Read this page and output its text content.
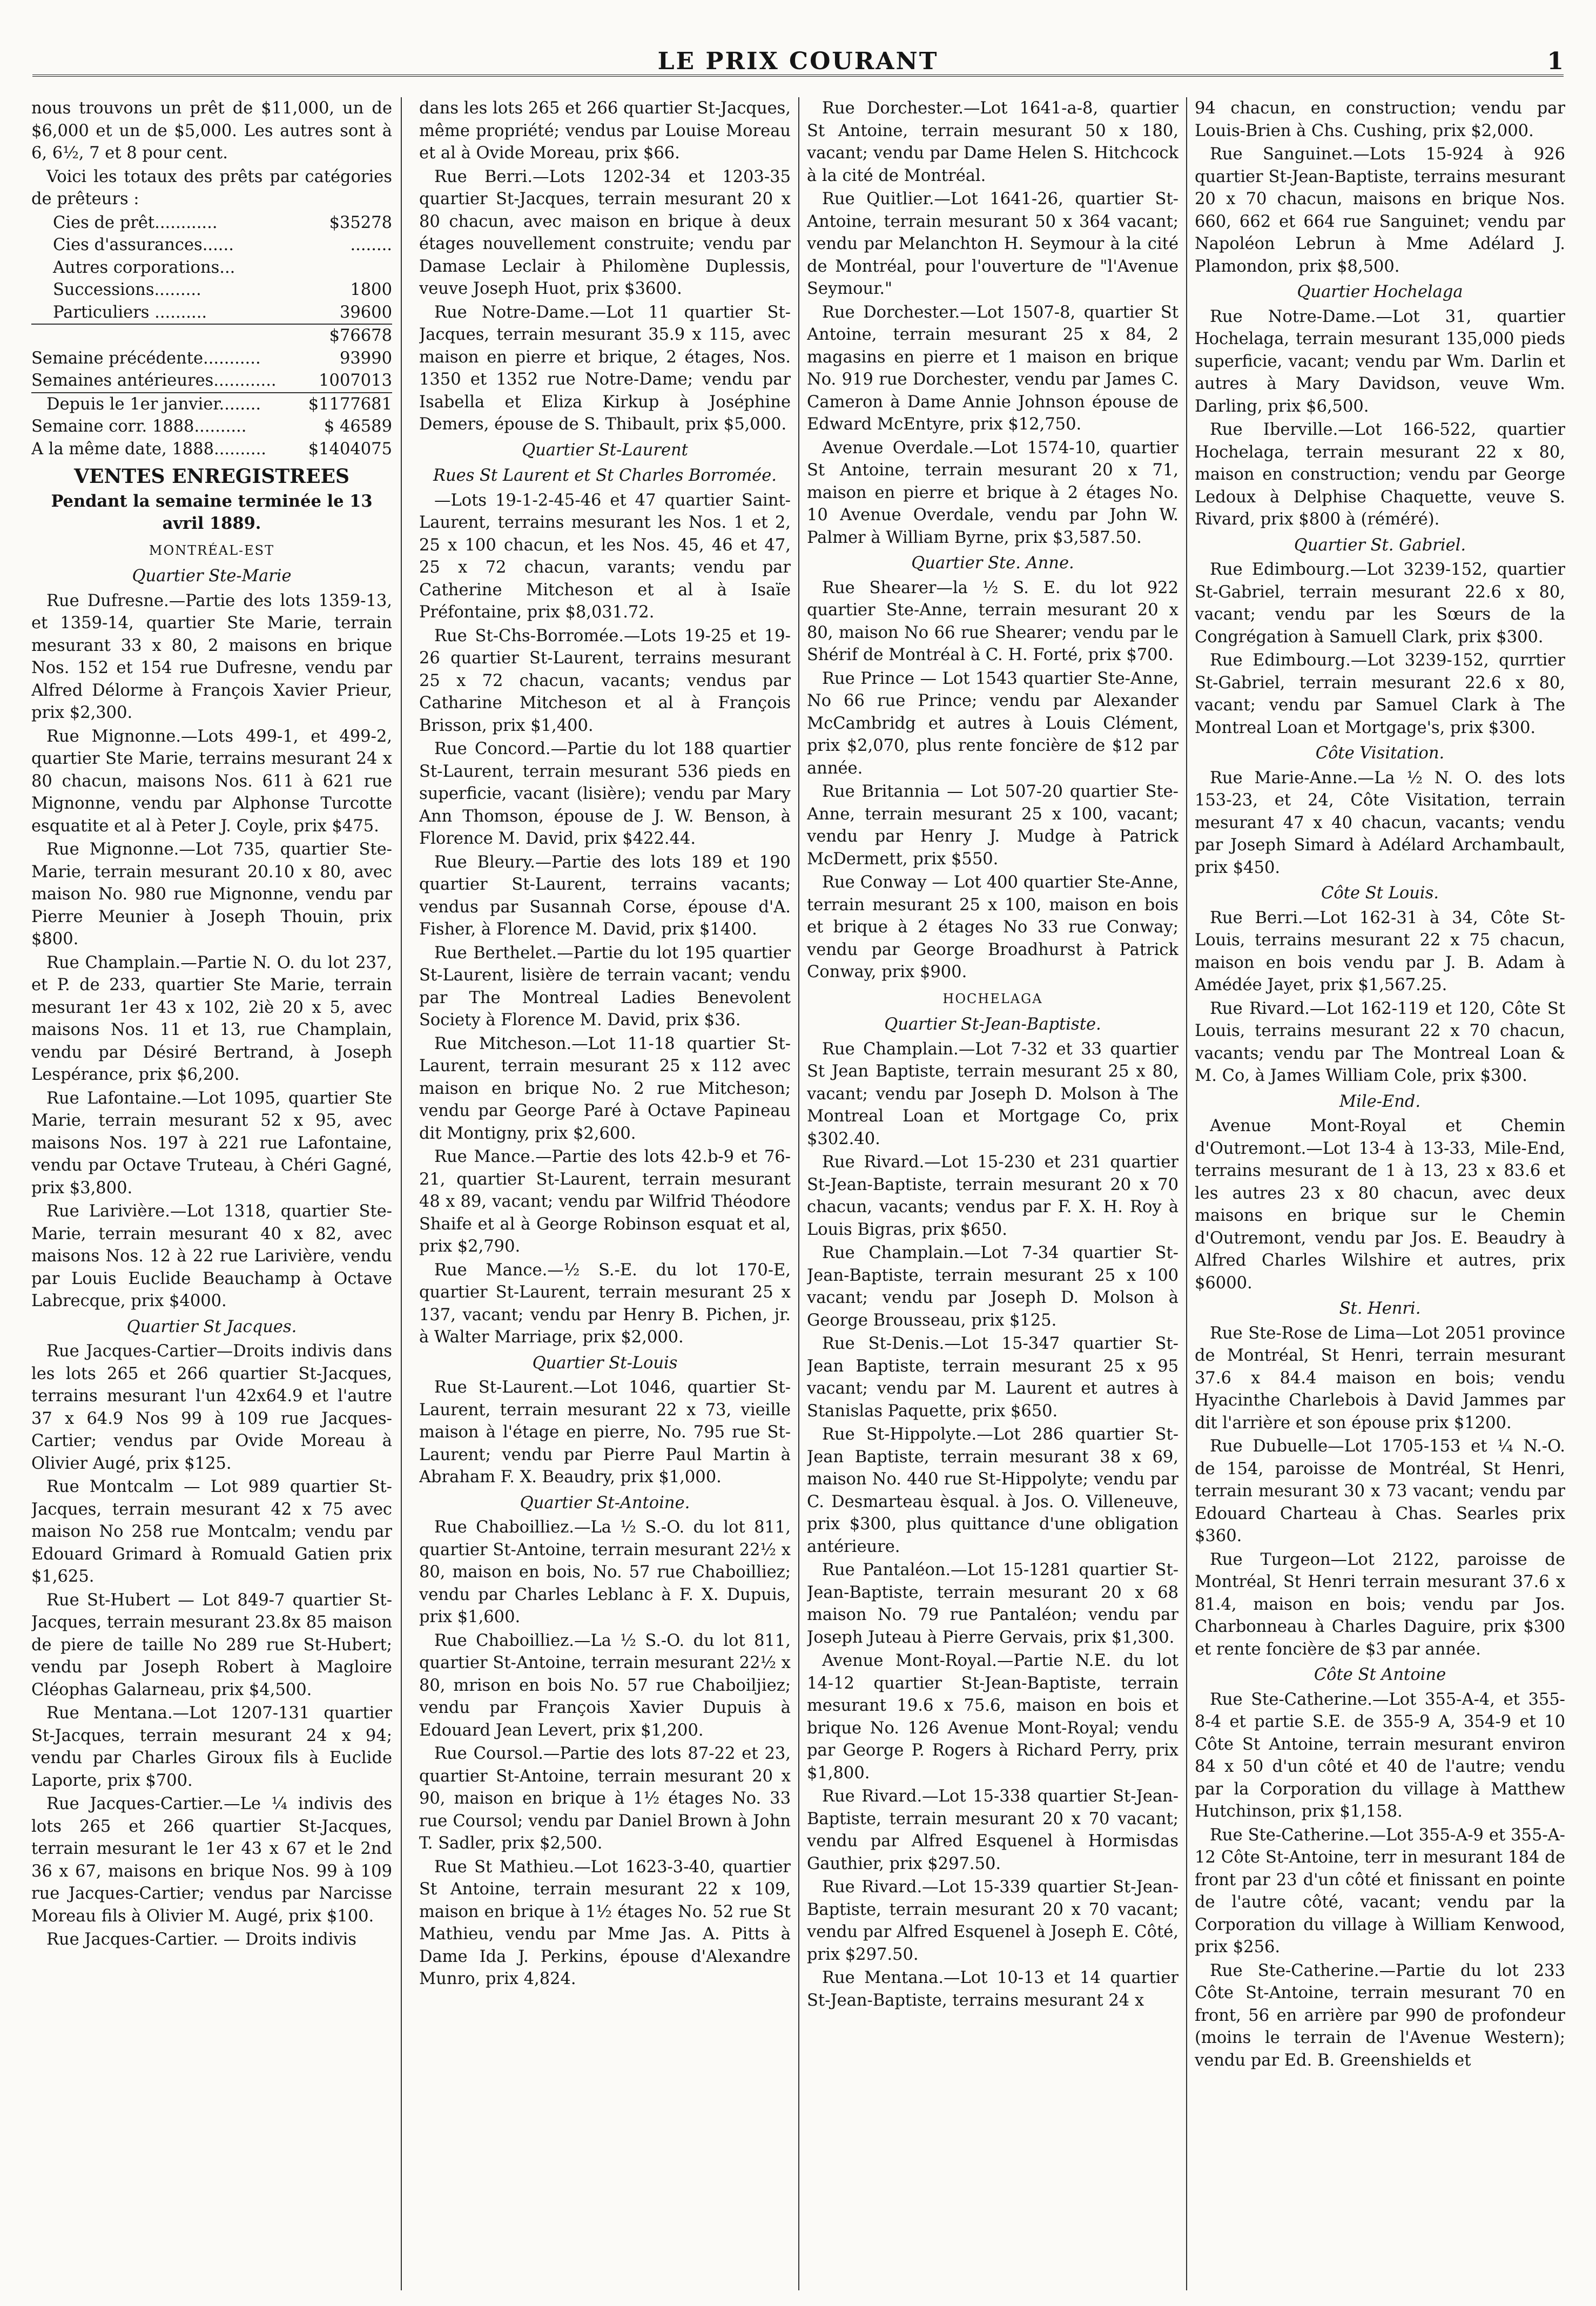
LE PRIX COURANT	1

nous trouvons un prêt de $11,000, un de $6,000 et un de $5,000. Les autres sont à 6, 6½, 7 et 8 pour cent.

Voici les totaux des prêts par catégories de prêteurs :

Cies de prêt............	$35278
Cies d'assurances......	........
Autres corporations...	
Successions.........	1800
Particuliers ..........	39600
	$76678
Semaine précédente...........	93990
Semaines antérieures............	1007013
Depuis le 1er janvier........	$1177681
Semaine corr. 1888..........	$ 46589
A la même date, 1888..........	$1404075

VENTES ENREGISTREES

Pendant la semaine terminée le 13 avril 1889.

MONTRÉAL-EST

Quartier Ste-Marie

Rue Dufresne.—Partie des lots 1359-13, et 1359-14, quartier Ste Marie, terrain mesurant 33 x 80, 2 maisons en brique Nos. 152 et 154 rue Dufresne, vendu par Alfred Délorme à François Xavier Prieur, prix $2,300.

Rue Mignonne.—Lots 499-1, et 499-2, quartier Ste Marie, terrains mesurant 24 x 80 chacun, maisons Nos. 611 à 621 rue Mignonne, vendu par Alphonse Turcotte esquatite et al à Peter J. Coyle, prix $475.

Rue Mignonne.—Lot 735, quartier Ste-Marie, terrain mesurant 20.10 x 80, avec maison No. 980 rue Mignonne, vendu par Pierre Meunier à Joseph Thouin, prix $800.

Rue Champlain.—Partie N. O. du lot 237, et P. de 233, quartier Ste Marie, terrain mesurant 1er 43 x 102, 2iè 20 x 5, avec maisons Nos. 11 et 13, rue Champlain, vendu par Désiré Bertrand, à Joseph Lespérance, prix $6,200.

Rue Lafontaine.—Lot 1095, quartier Ste Marie, terrain mesurant 52 x 95, avec maisons Nos. 197 à 221 rue Lafontaine, vendu par Octave Truteau, à Chéri Gagné, prix $3,800.

Rue Larivière.—Lot 1318, quartier Ste-Marie, terrain mesurant 40 x 82, avec maisons Nos. 12 à 22 rue Larivière, vendu par Louis Euclide Beauchamp à Octave Labrecque, prix $4000.

Quartier St Jacques.

Rue Jacques-Cartier—Droits indivis dans les lots 265 et 266 quartier St-Jacques, terrains mesurant l'un 42x64.9 et l'autre 37 x 64.9 Nos 99 à 109 rue Jacques-Cartier; vendus par Ovide Moreau à Olivier Augé, prix $125.

Rue Montcalm — Lot 989 quartier St-Jacques, terrain mesurant 42 x 75 avec maison No 258 rue Montcalm; vendu par Edouard Grimard à Romuald Gatien prix $1,625.

Rue St-Hubert — Lot 849-7 quartier St-Jacques, terrain mesurant 23.8x 85 maison de piere de taille No 289 rue St-Hubert; vendu par Joseph Robert à Magloire Cléophas Galarneau, prix $4,500.

Rue Mentana.—Lot 1207-131 quartier St-Jacques, terrain mesurant 24 x 94; vendu par Charles Giroux fils à Euclide Laporte, prix $700.

Rue Jacques-Cartier.—Le ¼ indivis des lots 265 et 266 quartier St-Jacques, terrain mesurant le 1er 43 x 67 et le 2nd 36 x 67, maisons en brique Nos. 99 à 109 rue Jacques-Cartier; vendus par Narcisse Moreau fils à Olivier M. Augé, prix $100.

Rue Jacques-Cartier. — Droits indivis

dans les lots 265 et 266 quartier St-Jacques, même propriété; vendus par Louise Moreau et al à Ovide Moreau, prix $66.

Rue Berri.—Lots 1202-34 et 1203-35 quartier St-Jacques, terrain mesurant 20 x 80 chacun, avec maison en brique à deux étages nouvellement construite; vendu par Damase Leclair à Philomène Duplessis, veuve Joseph Huot, prix $3600.

Rue Notre-Dame.—Lot 11 quartier St-Jacques, terrain mesurant 35.9 x 115, avec maison en pierre et brique, 2 étages, Nos. 1350 et 1352 rue Notre-Dame; vendu par Isabella et Eliza Kirkup à Joséphine Demers, épouse de S. Thibault, prix $5,000.

Quartier St-Laurent

Rues St Laurent et St Charles Borromée.

—Lots 19-1-2-45-46 et 47 quartier Saint-Laurent, terrains mesurant les Nos. 1 et 2, 25 x 100 chacun, et les Nos. 45, 46 et 47, 25 x 72 chacun, varants; vendu par Catherine Mitcheson et al à Isaïe Préfontaine, prix $8,031.72.

Rue St-Chs-Borromée.—Lots 19-25 et 19-26 quartier St-Laurent, terrains mesurant 25 x 72 chacun, vacants; vendus par Catharine Mitcheson et al à François Brisson, prix $1,400.

Rue Concord.—Partie du lot 188 quartier St-Laurent, terrain mesurant 536 pieds en superficie, vacant (lisière); vendu par Mary Ann Thomson, épouse de J. W. Benson, à Florence M. David, prix $422.44.

Rue Bleury.—Partie des lots 189 et 190 quartier St-Laurent, terrains vacants; vendus par Susannah Corse, épouse d'A. Fisher, à Florence M. David, prix $1400.

Rue Berthelet.—Partie du lot 195 quartier St-Laurent, lisière de terrain vacant; vendu par The Montreal Ladies Benevolent Society à Florence M. David, prix $36.

Rue Mitcheson.—Lot 11-18 quartier St-Laurent, terrain mesurant 25 x 112 avec maison en brique No. 2 rue Mitcheson; vendu par George Paré à Octave Papineau dit Montigny, prix $2,600.

Rue Mance.—Partie des lots 42.b-9 et 76-21, quartier St-Laurent, terrain mesurant 48 x 89, vacant; vendu par Wilfrid Théodore Shaife et al à George Robinson esquat et al, prix $2,790.

Rue Mance.—½ S.-E. du lot 170-E, quartier St-Laurent, terrain mesurant 25 x 137, vacant; vendu par Henry B. Pichen, jr. à Walter Marriage, prix $2,000.

Quartier St-Louis

Rue St-Laurent.—Lot 1046, quartier St-Laurent, terrain mesurant 22 x 73, vieille maison à l'étage en pierre, No. 795 rue St-Laurent; vendu par Pierre Paul Martin à Abraham F. X. Beaudry, prix $1,000.

Quartier St-Antoine.

Rue Chaboilliez.—La ½ S.-O. du lot 811, quartier St-Antoine, terrain mesurant 22½ x 80, maison en bois, No. 57 rue Chaboilliez; vendu par Charles Leblanc à F. X. Dupuis, prix $1,600.

Rue Chaboilliez.—La ½ S.-O. du lot 811, quartier St-Antoine, terrain mesurant 22½ x 80, mrison en bois No. 57 rue Chaboiljiez; vendu par François Xavier Dupuis à Edouard Jean Levert, prix $1,200.

Rue Coursol.—Partie des lots 87-22 et 23, quartier St-Antoine, terrain mesurant 20 x 90, maison en brique à 1½ étages No. 33 rue Coursol; vendu par Daniel Brown à John T. Sadler, prix $2,500.

Rue St Mathieu.—Lot 1623-3-40, quartier St Antoine, terrain mesurant 22 x 109, maison en brique à 1½ étages No. 52 rue St Mathieu, vendu par Mme Jas. A. Pitts à Dame Ida J. Perkins, épouse d'Alexandre Munro, prix 4,824.

Rue Dorchester.—Lot 1641-a-8, quartier St Antoine, terrain mesurant 50 x 180, vacant; vendu par Dame Helen S. Hitchcock à la cité de Montréal.

Rue Quitlier.—Lot 1641-26, quartier St-Antoine, terrain mesurant 50 x 364 vacant; vendu par Melanchton H. Seymour à la cité de Montréal, pour l'ouverture de "l'Avenue Seymour."

Rue Dorchester.—Lot 1507-8, quartier St Antoine, terrain mesurant 25 x 84, 2 magasins en pierre et 1 maison en brique No. 919 rue Dorchester, vendu par James C. Cameron à Dame Annie Johnson épouse de Edward McEntyre, prix $12,750.

Avenue Overdale.—Lot 1574-10, quartier St Antoine, terrain mesurant 20 x 71, maison en pierre et brique à 2 étages No. 10 Avenue Overdale, vendu par John W. Palmer à William Byrne, prix $3,587.50.

Quartier Ste. Anne.

Rue Shearer—la ½ S. E. du lot 922 quartier Ste-Anne, terrain mesurant 20 x 80, maison No 66 rue Shearer; vendu par le Shérif de Montréal à C. H. Forté, prix $700.

Rue Prince — Lot 1543 quartier Ste-Anne, No 66 rue Prince; vendu par Alexander McCambridg et autres à Louis Clément, prix $2,070, plus rente foncière de $12 par année.

Rue Britannia — Lot 507-20 quartier Ste-Anne, terrain mesurant 25 x 100, vacant; vendu par Henry J. Mudge à Patrick McDermett, prix $550.

Rue Conway — Lot 400 quartier Ste-Anne, terrain mesurant 25 x 100, maison en bois et brique à 2 étages No 33 rue Conway; vendu par George Broadhurst à Patrick Conway, prix $900.

HOCHELAGA

Quartier St-Jean-Baptiste.

Rue Champlain.—Lot 7-32 et 33 quartier St Jean Baptiste, terrain mesurant 25 x 80, vacant; vendu par Joseph D. Molson à The Montreal Loan et Mortgage Co, prix $302.40.

Rue Rivard.—Lot 15-230 et 231 quartier St-Jean-Baptiste, terrain mesurant 20 x 70 chacun, vacants; vendus par F. X. H. Roy à Louis Bigras, prix $650.

Rue Champlain.—Lot 7-34 quartier St-Jean-Baptiste, terrain mesurant 25 x 100 vacant; vendu par Joseph D. Molson à George Brousseau, prix $125.

Rue St-Denis.—Lot 15-347 quartier St-Jean Baptiste, terrain mesurant 25 x 95 vacant; vendu par M. Laurent et autres à Stanislas Paquette, prix $650.

Rue St-Hippolyte.—Lot 286 quartier St-Jean Baptiste, terrain mesurant 38 x 69, maison No. 440 rue St-Hippolyte; vendu par C. Desmarteau èsqual. à Jos. O. Villeneuve, prix $300, plus quittance d'une obligation antérieure.

Rue Pantaléon.—Lot 15-1281 quartier St-Jean-Baptiste, terrain mesurant 20 x 68 maison No. 79 rue Pantaléon; vendu par Joseph Juteau à Pierre Gervais, prix $1,300.

Avenue Mont-Royal.—Partie N.E. du lot 14-12 quartier St-Jean-Baptiste, terrain mesurant 19.6 x 75.6, maison en bois et brique No. 126 Avenue Mont-Royal; vendu par George P. Rogers à Richard Perry, prix $1,800.

Rue Rivard.—Lot 15-338 quartier St-Jean-Baptiste, terrain mesurant 20 x 70 vacant; vendu par Alfred Esquenel à Hormisdas Gauthier, prix $297.50.

Rue Rivard.—Lot 15-339 quartier St-Jean-Baptiste, terrain mesurant 20 x 70 vacant; vendu par Alfred Esquenel à Joseph E. Côté, prix $297.50.

Rue Mentana.—Lot 10-13 et 14 quartier St-Jean-Baptiste, terrains mesurant 24 x

94 chacun, en construction; vendu par Louis-Brien à Chs. Cushing, prix $2,000.

Rue Sanguinet.—Lots 15-924 à 926 quartier St-Jean-Baptiste, terrains mesurant 20 x 70 chacun, maisons en brique Nos. 660, 662 et 664 rue Sanguinet; vendu par Napoléon Lebrun à Mme Adélard J. Plamondon, prix $8,500.

Quartier Hochelaga

Rue Notre-Dame.—Lot 31, quartier Hochelaga, terrain mesurant 135,000 pieds superficie, vacant; vendu par Wm. Darlin et autres à Mary Davidson, veuve Wm. Darling, prix $6,500.

Rue Iberville.—Lot 166-522, quartier Hochelaga, terrain mesurant 22 x 80, maison en construction; vendu par George Ledoux à Delphise Chaquette, veuve S. Rivard, prix $800 à (réméré).

Quartier St. Gabriel.

Rue Edimbourg.—Lot 3239-152, quartier St-Gabriel, terrain mesurant 22.6 x 80, vacant; vendu par les Sœurs de la Congrégation à Samuell Clark, prix $300.

Rue Edimbourg.—Lot 3239-152, qurrtier St-Gabriel, terrain mesurant 22.6 x 80, vacant; vendu par Samuel Clark à The Montreal Loan et Mortgage's, prix $300.

Côte Visitation.

Rue Marie-Anne.—La ½ N. O. des lots 153-23, et 24, Côte Visitation, terrain mesurant 47 x 40 chacun, vacants; vendu par Joseph Simard à Adélard Archambault, prix $450.

Côte St Louis.

Rue Berri.—Lot 162-31 à 34, Côte St-Louis, terrains mesurant 22 x 75 chacun, maison en bois vendu par J. B. Adam à Amédée Jayet, prix $1,567.25.

Rue Rivard.—Lot 162-119 et 120, Côte St Louis, terrains mesurant 22 x 70 chacun, vacants; vendu par The Montreal Loan & M. Co, à James William Cole, prix $300.

Mile-End.

Avenue Mont-Royal et Chemin d'Outremont.—Lot 13-4 à 13-33, Mile-End, terrains mesurant de 1 à 13, 23 x 83.6 et les autres 23 x 80 chacun, avec deux maisons en brique sur le Chemin d'Outremont, vendu par Jos. E. Beaudry à Alfred Charles Wilshire et autres, prix $6000.

St. Henri.

Rue Ste-Rose de Lima—Lot 2051 province de Montréal, St Henri, terrain mesurant 37.6 x 84.4 maison en bois; vendu Hyacinthe Charlebois à David Jammes par dit l'arrière et son épouse prix $1200.

Rue Dubuelle—Lot 1705-153 et ¼ N.-O. de 154, paroisse de Montréal, St Henri, terrain mesurant 30 x 73 vacant; vendu par Edouard Charteau à Chas. Searles prix $360.

Rue Turgeon—Lot 2122, paroisse de Montréal, St Henri terrain mesurant 37.6 x 81.4, maison en bois; vendu par Jos. Charbonneau à Charles Daguire, prix $300 et rente foncière de $3 par année.

Côte St Antoine

Rue Ste-Catherine.—Lot 355-A-4, et 355-8-4 et partie S.E. de 355-9 A, 354-9 et 10 Côte St Antoine, terrain mesurant environ 84 x 50 d'un côté et 40 de l'autre; vendu par la Corporation du village à Matthew Hutchinson, prix $1,158.

Rue Ste-Catherine.—Lot 355-A-9 et 355-A-12 Côte St-Antoine, terr in mesurant 184 de front par 23 d'un côté et finissant en pointe de l'autre côté, vacant; vendu par la Corporation du village à William Kenwood, prix $256.

Rue Ste-Catherine.—Partie du lot 233 Côte St-Antoine, terrain mesurant 70 en front, 56 en arrière par 990 de profondeur (moins le terrain de l'Avenue Western); vendu par Ed. B. Greenshields et
